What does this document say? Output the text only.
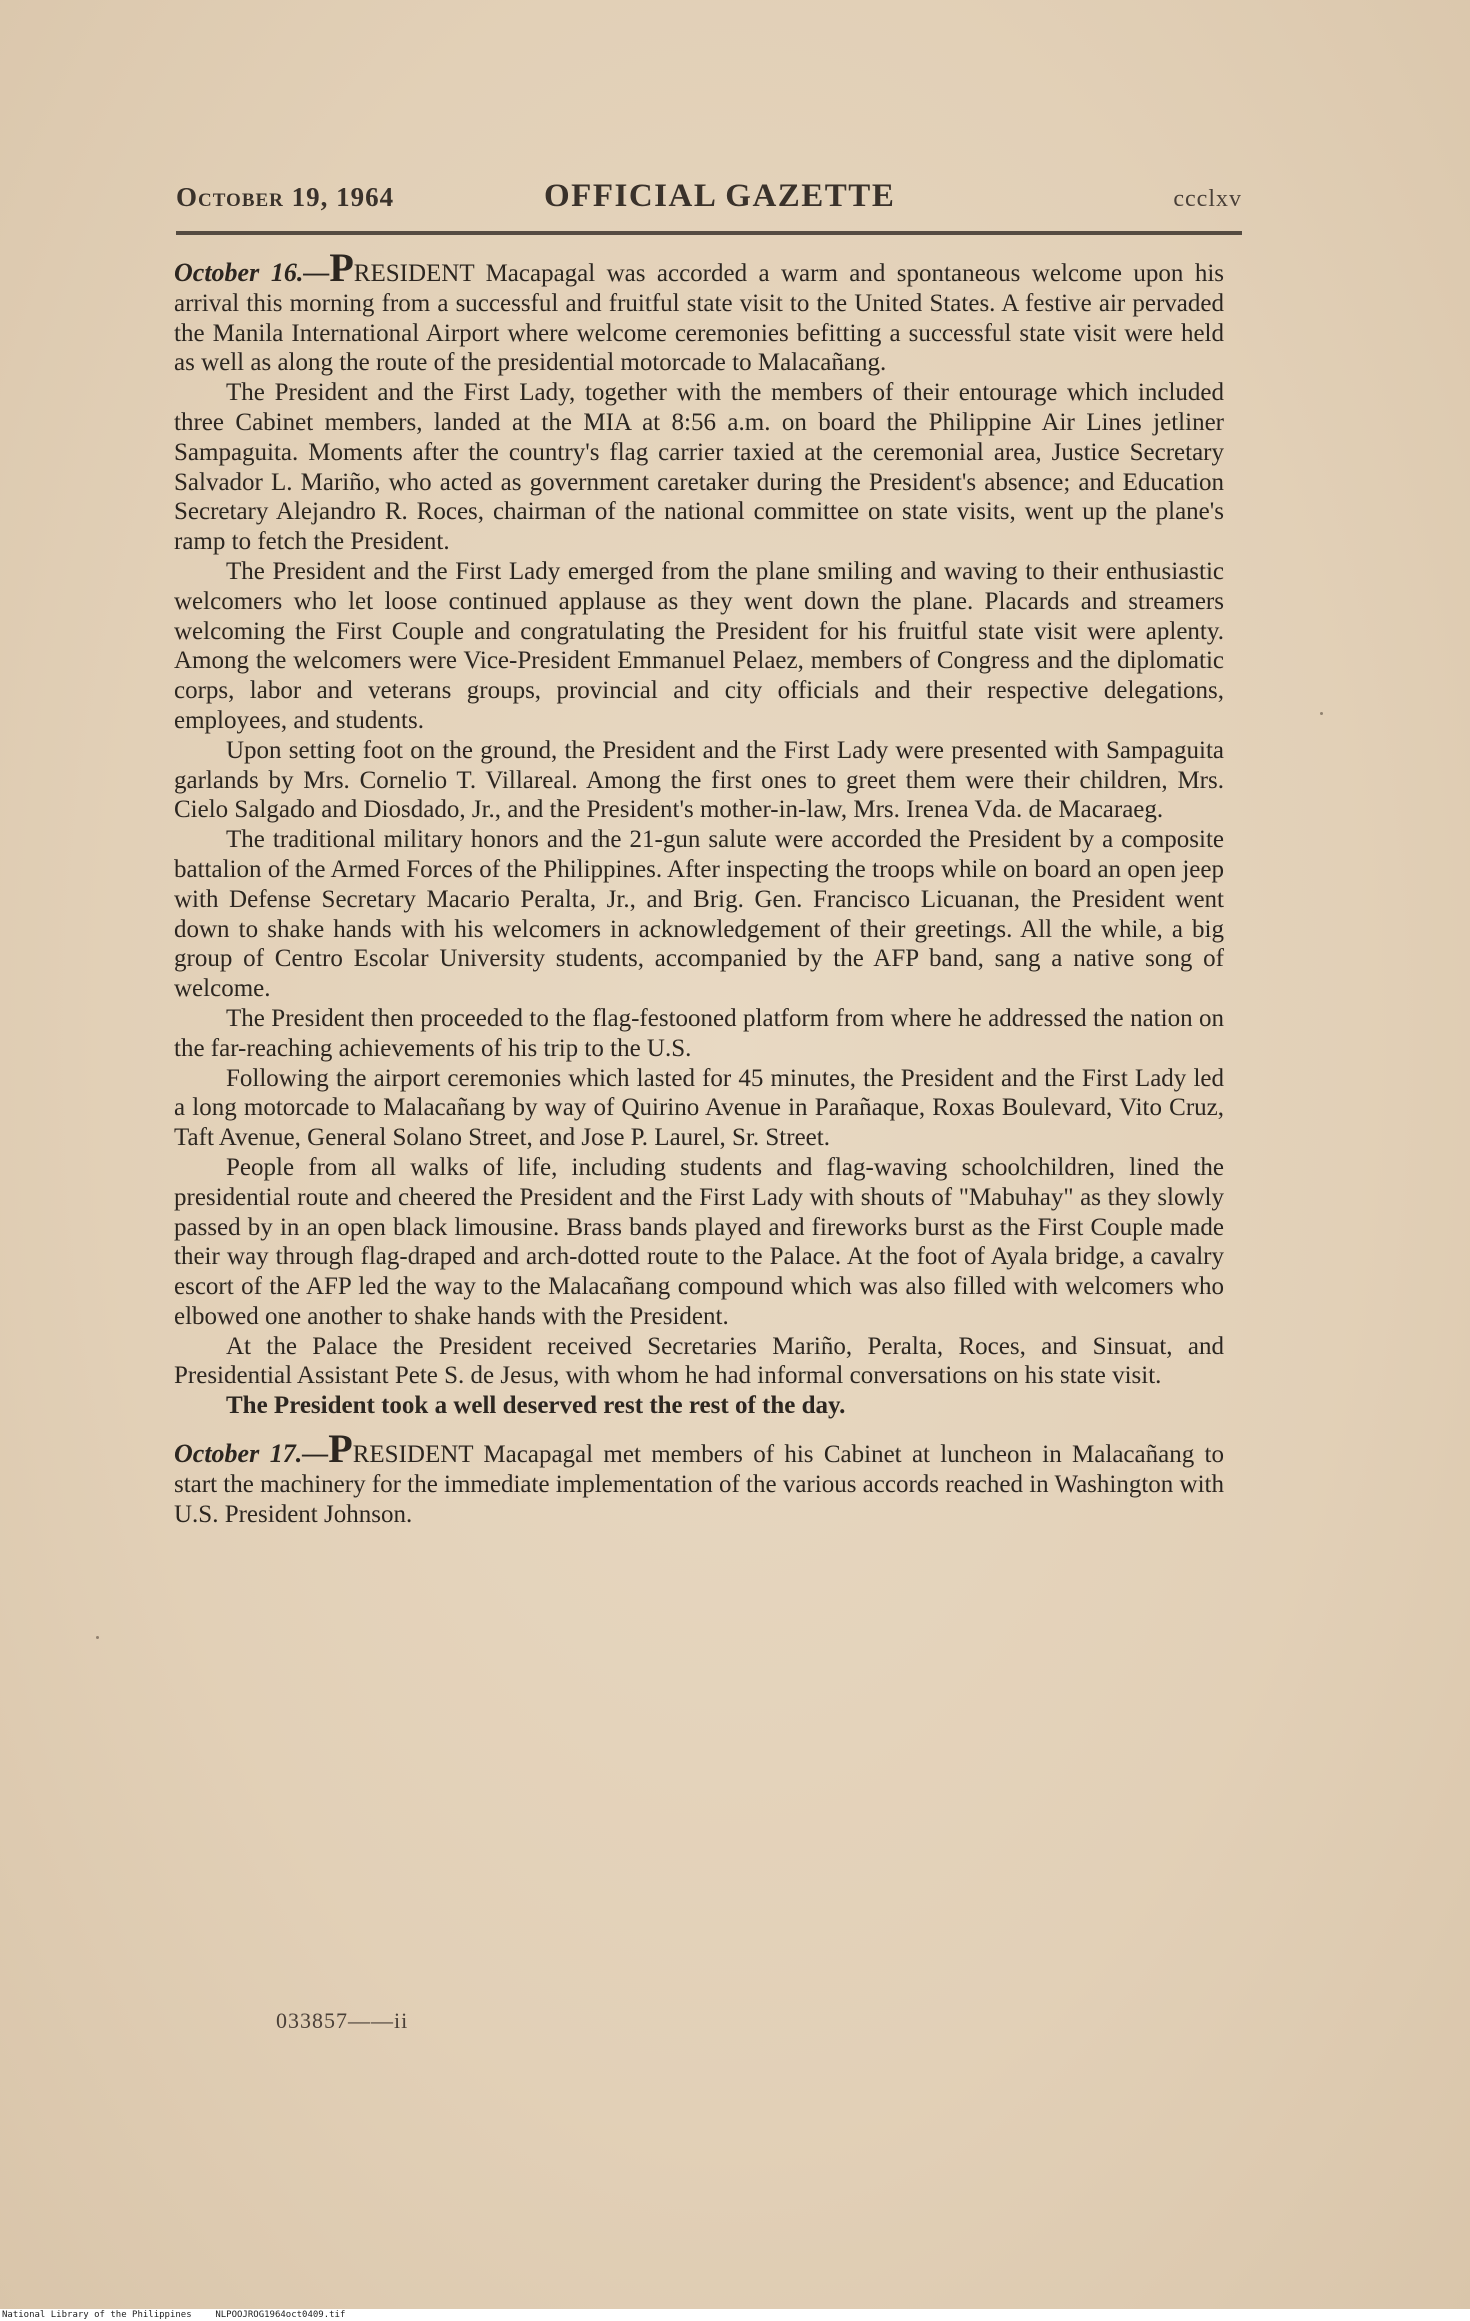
October 19, 1964	OFFICIAL GAZETTE	ccclxv

October 16.—PRESIDENT Macapagal was accorded a warm and spontaneous welcome upon his arrival this morning from a successful and fruitful state visit to the United States. A festive air pervaded the Manila International Airport where welcome ceremonies befitting a successful state visit were held as well as along the route of the presidential motorcade to Malacañang.

The President and the First Lady, together with the members of their entourage which included three Cabinet members, landed at the MIA at 8:56 a.m. on board the Philippine Air Lines jetliner Sampaguita. Moments after the country's flag carrier taxied at the ceremonial area, Justice Secretary Salvador L. Mariño, who acted as government caretaker during the President's absence; and Education Secretary Alejandro R. Roces, chairman of the national committee on state visits, went up the plane's ramp to fetch the President.

The President and the First Lady emerged from the plane smiling and waving to their enthusiastic welcomers who let loose continued applause as they went down the plane. Placards and streamers welcoming the First Couple and congratulating the President for his fruitful state visit were aplenty. Among the welcomers were Vice-President Emmanuel Pelaez, members of Congress and the diplomatic corps, labor and veterans groups, provincial and city officials and their respective delegations, employees, and students.

Upon setting foot on the ground, the President and the First Lady were presented with Sampaguita garlands by Mrs. Cornelio T. Villareal. Among the first ones to greet them were their children, Mrs. Cielo Salgado and Diosdado, Jr., and the President's mother-in-law, Mrs. Irenea Vda. de Macaraeg.

The traditional military honors and the 21-gun salute were accorded the President by a composite battalion of the Armed Forces of the Philippines. After inspecting the troops while on board an open jeep with Defense Secretary Macario Peralta, Jr., and Brig. Gen. Francisco Licuanan, the President went down to shake hands with his welcomers in acknowledgement of their greetings. All the while, a big group of Centro Escolar University students, accompanied by the AFP band, sang a native song of welcome.

The President then proceeded to the flag-festooned platform from where he addressed the nation on the far-reaching achievements of his trip to the U.S.

Following the airport ceremonies which lasted for 45 minutes, the President and the First Lady led a long motorcade to Malacañang by way of Quirino Avenue in Parañaque, Roxas Boulevard, Vito Cruz, Taft Avenue, General Solano Street, and Jose P. Laurel, Sr. Street.

People from all walks of life, including students and flag-waving schoolchildren, lined the presidential route and cheered the President and the First Lady with shouts of "Mabuhay" as they slowly passed by in an open black limousine. Brass bands played and fireworks burst as the First Couple made their way through flag-draped and arch-dotted route to the Palace. At the foot of Ayala bridge, a cavalry escort of the AFP led the way to the Malacañang compound which was also filled with welcomers who elbowed one another to shake hands with the President.

At the Palace the President received Secretaries Mariño, Peralta, Roces, and Sinsuat, and Presidential Assistant Pete S. de Jesus, with whom he had informal conversations on his state visit.

The President took a well deserved rest the rest of the day.

October 17.—PRESIDENT Macapagal met members of his Cabinet at luncheon in Malacañang to start the machinery for the immediate implementation of the various accords reached in Washington with U.S. President Johnson.

033857——ii
National Library of the Philippines	NLPOOJROG1964oct0409.tif
